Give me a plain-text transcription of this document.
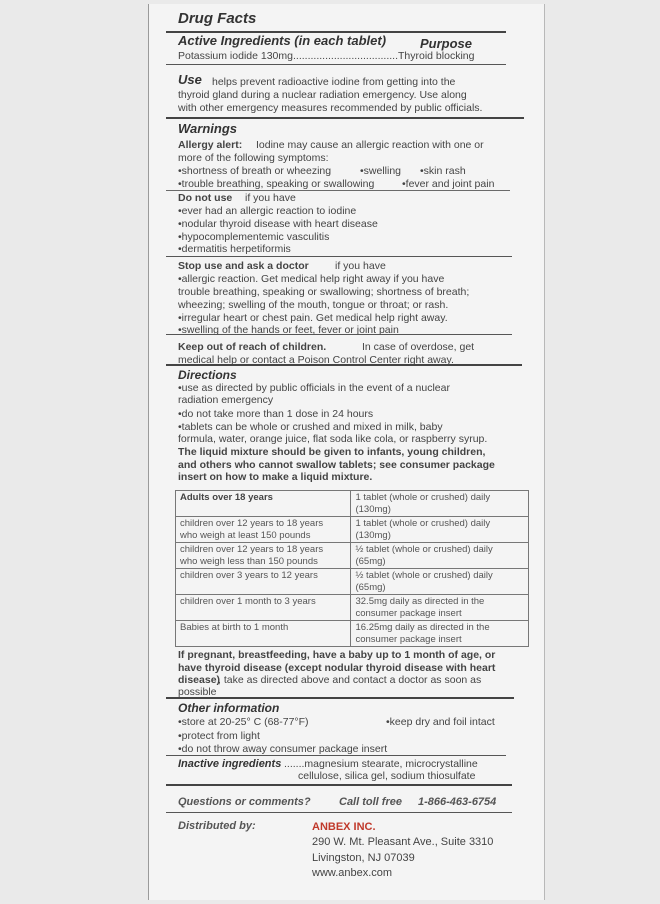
Drug Facts
Active Ingredients (in each tablet)	Purpose
Potassium iodide 130mg....................................Thyroid blocking
Use helps prevent radioactive iodine from getting into the
thyroid gland during a nuclear radiation emergency. Use along
with other emergency measures recommended by public officials.
Warnings
Allergy alert: Iodine may cause an allergic reaction with one or
more of the following symptoms:
•shortness of breath or wheezing	•swelling •skin rash
•trouble breathing, speaking or swallowing	•fever and joint pain
Do not use if you have
•ever had an allergic reaction to iodine
•nodular thyroid disease with heart disease
•hypocomplementemic vasculitis
•dermatitis herpetiformis
Stop use and ask a doctor	if you have
•allergic reaction. Get medical help right away if you have
trouble breathing, speaking or swallowing; shortness of breath;
wheezing; swelling of the mouth, tongue or throat; or rash.
•irregular heart or chest pain. Get medical help right away.
•swelling of the hands or feet, fever or joint pain
Keep out of reach of children.	In case of overdose, get
medical help or contact a Poison Control Center right away.
Directions
•use as directed by public officials in the event of a nuclear
radiation emergency
•do not take more than 1 dose in 24 hours
•tablets can be whole or crushed and mixed in milk, baby
formula, water, orange juice, flat soda like cola, or raspberry syrup.
The liquid mixture should be given to infants, young children,
and others who cannot swallow tablets; see consumer package
insert on how to make a liquid mixture.
Adults over 18 years	1 tablet (whole or crushed) daily
(130mg)
children over 12 years to 18 years
who weigh at least 150 pounds	1 tablet (whole or crushed) daily
(130mg)
children over 12 years to 18 years
who weigh less than 150 pounds	½ tablet (whole or crushed) daily
(65mg)
children over 3 years to 12 years	½ tablet (whole or crushed) daily
(65mg)
children over 1 month to 3 years	32.5mg daily as directed in the
consumer package insert
Babies at birth to 1 month	16.25mg daily as directed in the
consumer package insert
If pregnant, breastfeeding, have a baby up to 1 month of age, or
have thyroid disease (except nodular thyroid disease with heart
disease)
, take as directed above and contact a doctor as soon as
possible
Other information
•store at 20-25° C (68-77°F)	•keep dry and foil intact
•protect from light
•do not throw away consumer package insert
Inactive ingredients .......magnesium stearate, microcrystalline
cellulose, silica gel, sodium thiosulfate
Questions or comments?	Call toll free 1-866-463-6754
Distributed by:	ANBEX INC.
290 W. Mt. Pleasant Ave., Suite 3310
Livingston, NJ 07039
www.anbex.com
